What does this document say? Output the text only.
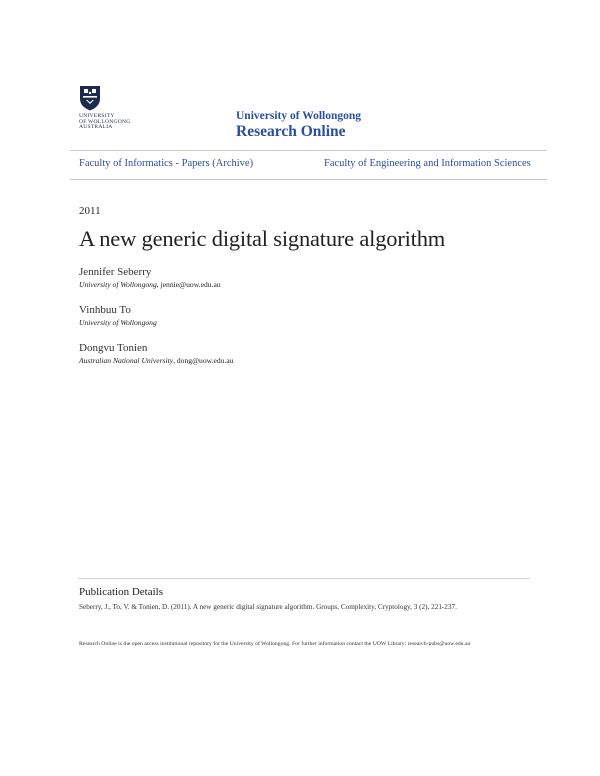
UNIVERSITY
OF WOLLONGONG
AUSTRALIA
University of Wollongong
Research Online
Faculty of Informatics - Papers (Archive)	Faculty of Engineering and Information Sciences
2011
A new generic digital signature algorithm
Jennifer Seberry
University of Wollongong, jennie@uow.edu.au
Vinhbuu To
University of Wollongong
Dongvu Tonien
Australian National University, dong@uow.edu.au
Publication Details
Seberry, J., To, V. & Tonien, D. (2011). A new generic digital signature algorithm. Groups, Complexity, Cryptology, 3 (2), 221-237.
Research Online is the open access institutional repository for the University of Wollongong. For further information contact the UOW Library: research-pubs@uow.edu.au
